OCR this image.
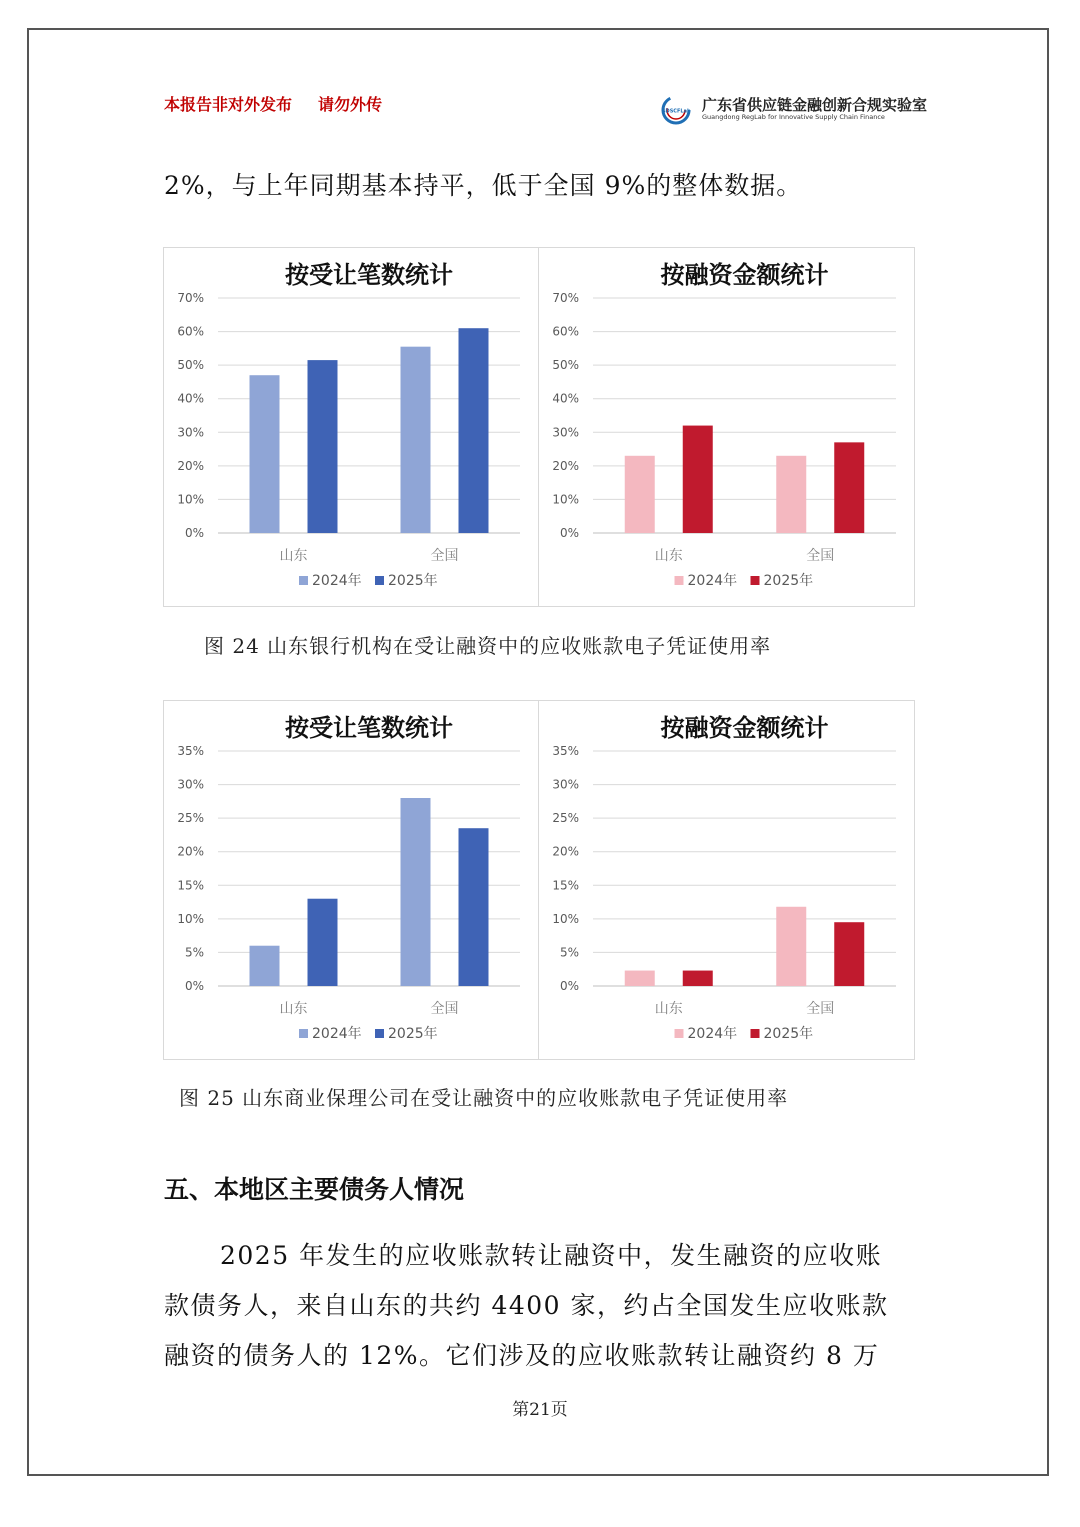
本报告非对外发布 请勿外传	GDSCFLab 广东省供应链金融创新合规实验室
Guangdong RegLab for Innovative Supply Chain Finance
2%，与上年同期基本持平，低于全国 9%的整体数据。
按受让笔数统计
0%
10%
20%
30%
40%
50%
60%
70%
山东	全国
2024年 2025年
按融资金额统计
0%
10%
20%
30%
40%
50%
60%
70%
山东	全国
2024年 2025年
图 24 山东银行机构在受让融资中的应收账款电子凭证使用率
按受让笔数统计
0%
5%
10%
15%
20%
25%
30%
35%
山东	全国
2024年 2025年
按融资金额统计
0%
5%
10%
15%
20%
25%
30%
35%
山东	全国
2024年 2025年
图 25 山东商业保理公司在受让融资中的应收账款电子凭证使用率
五、本地区主要债务人情况
2025 年发生的应收账款转让融资中，发生融资的应收账
款债务人，来自山东的共约 4400 家，约占全国发生应收账款
融资的债务人的 12%。它们涉及的应收账款转让融资约 8 万
第21页
